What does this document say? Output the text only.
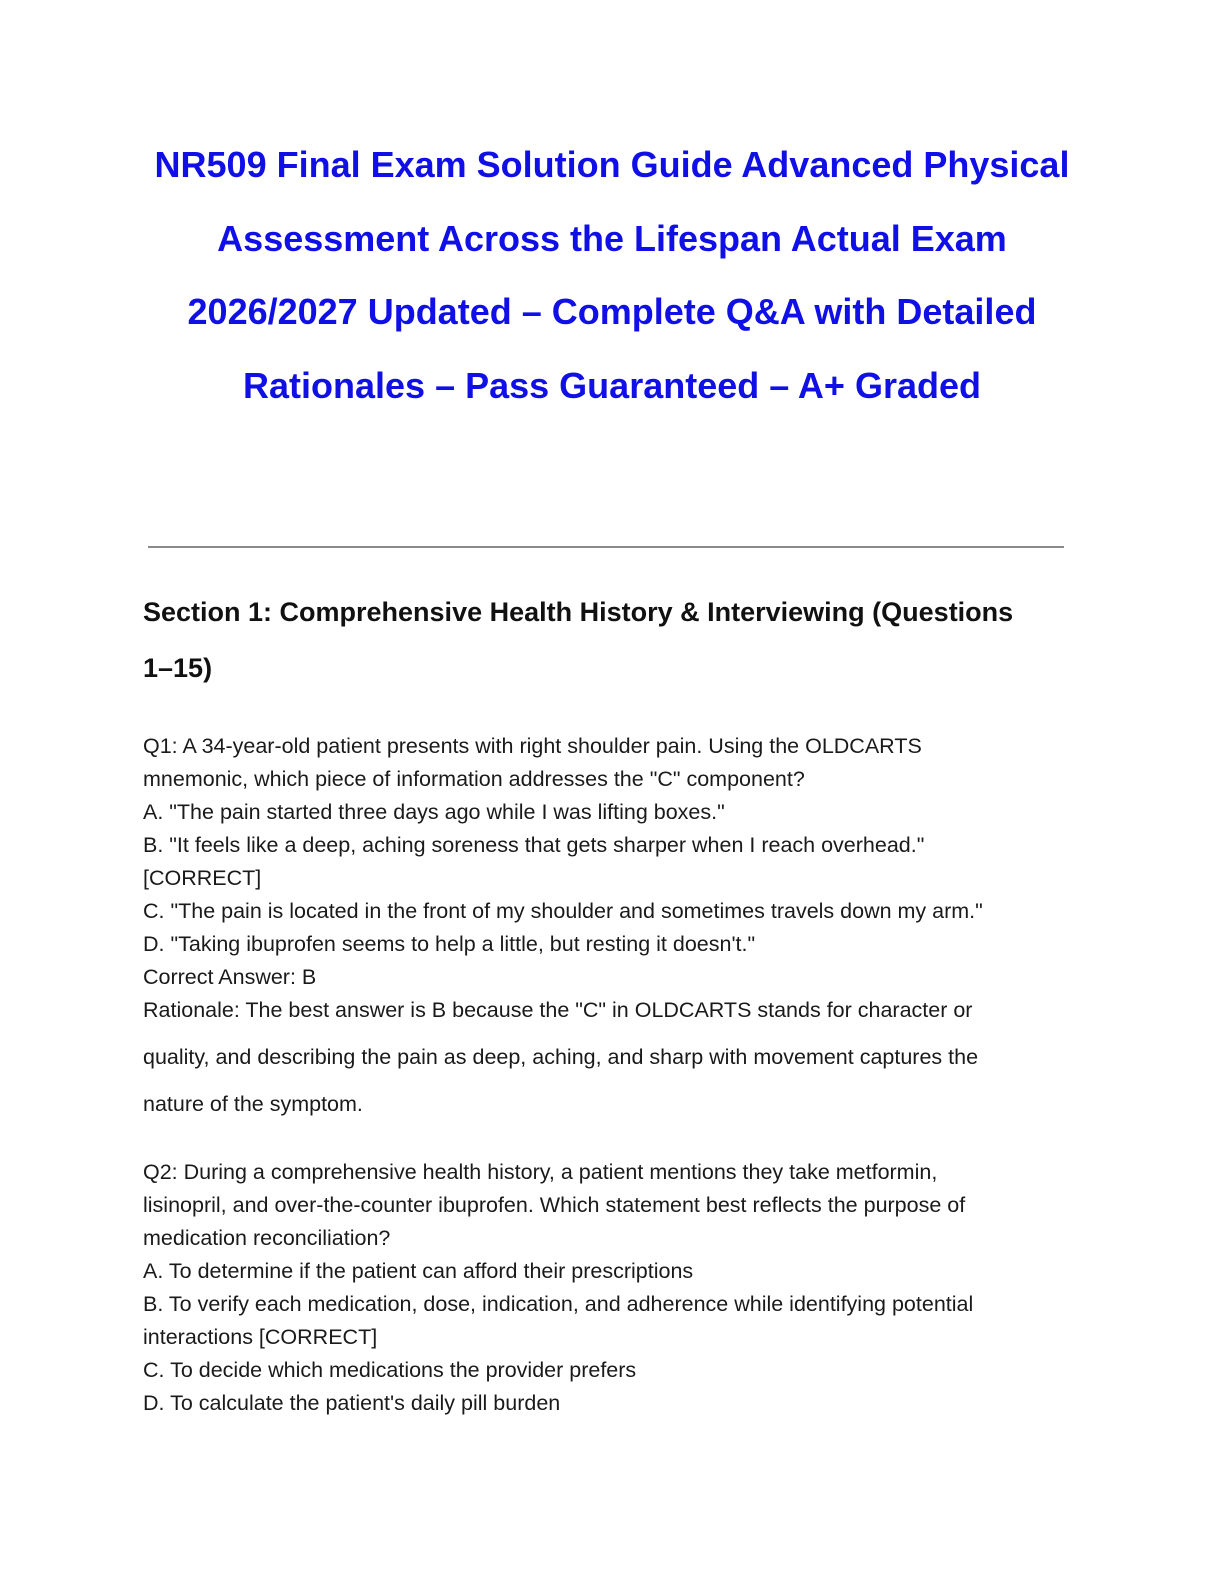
NR509 Final Exam Solution Guide Advanced Physical
Assessment Across the Lifespan Actual Exam
2026/2027 Updated – Complete Q&A with Detailed
Rationales – Pass Guaranteed – A+ Graded
Section 1: Comprehensive Health History & Interviewing (Questions
1–15)
Q1: A 34-year-old patient presents with right shoulder pain. Using the OLDCARTS
mnemonic, which piece of information addresses the "C" component?
A. "The pain started three days ago while I was lifting boxes."
B. "It feels like a deep, aching soreness that gets sharper when I reach overhead."
[CORRECT]
C. "The pain is located in the front of my shoulder and sometimes travels down my arm."
D. "Taking ibuprofen seems to help a little, but resting it doesn't."
Correct Answer: B
Rationale: The best answer is B because the "C" in OLDCARTS stands for character or
quality, and describing the pain as deep, aching, and sharp with movement captures the
nature of the symptom.
Q2: During a comprehensive health history, a patient mentions they take metformin,
lisinopril, and over-the-counter ibuprofen. Which statement best reflects the purpose of
medication reconciliation?
A. To determine if the patient can afford their prescriptions
B. To verify each medication, dose, indication, and adherence while identifying potential
interactions [CORRECT]
C. To decide which medications the provider prefers
D. To calculate the patient's daily pill burden
